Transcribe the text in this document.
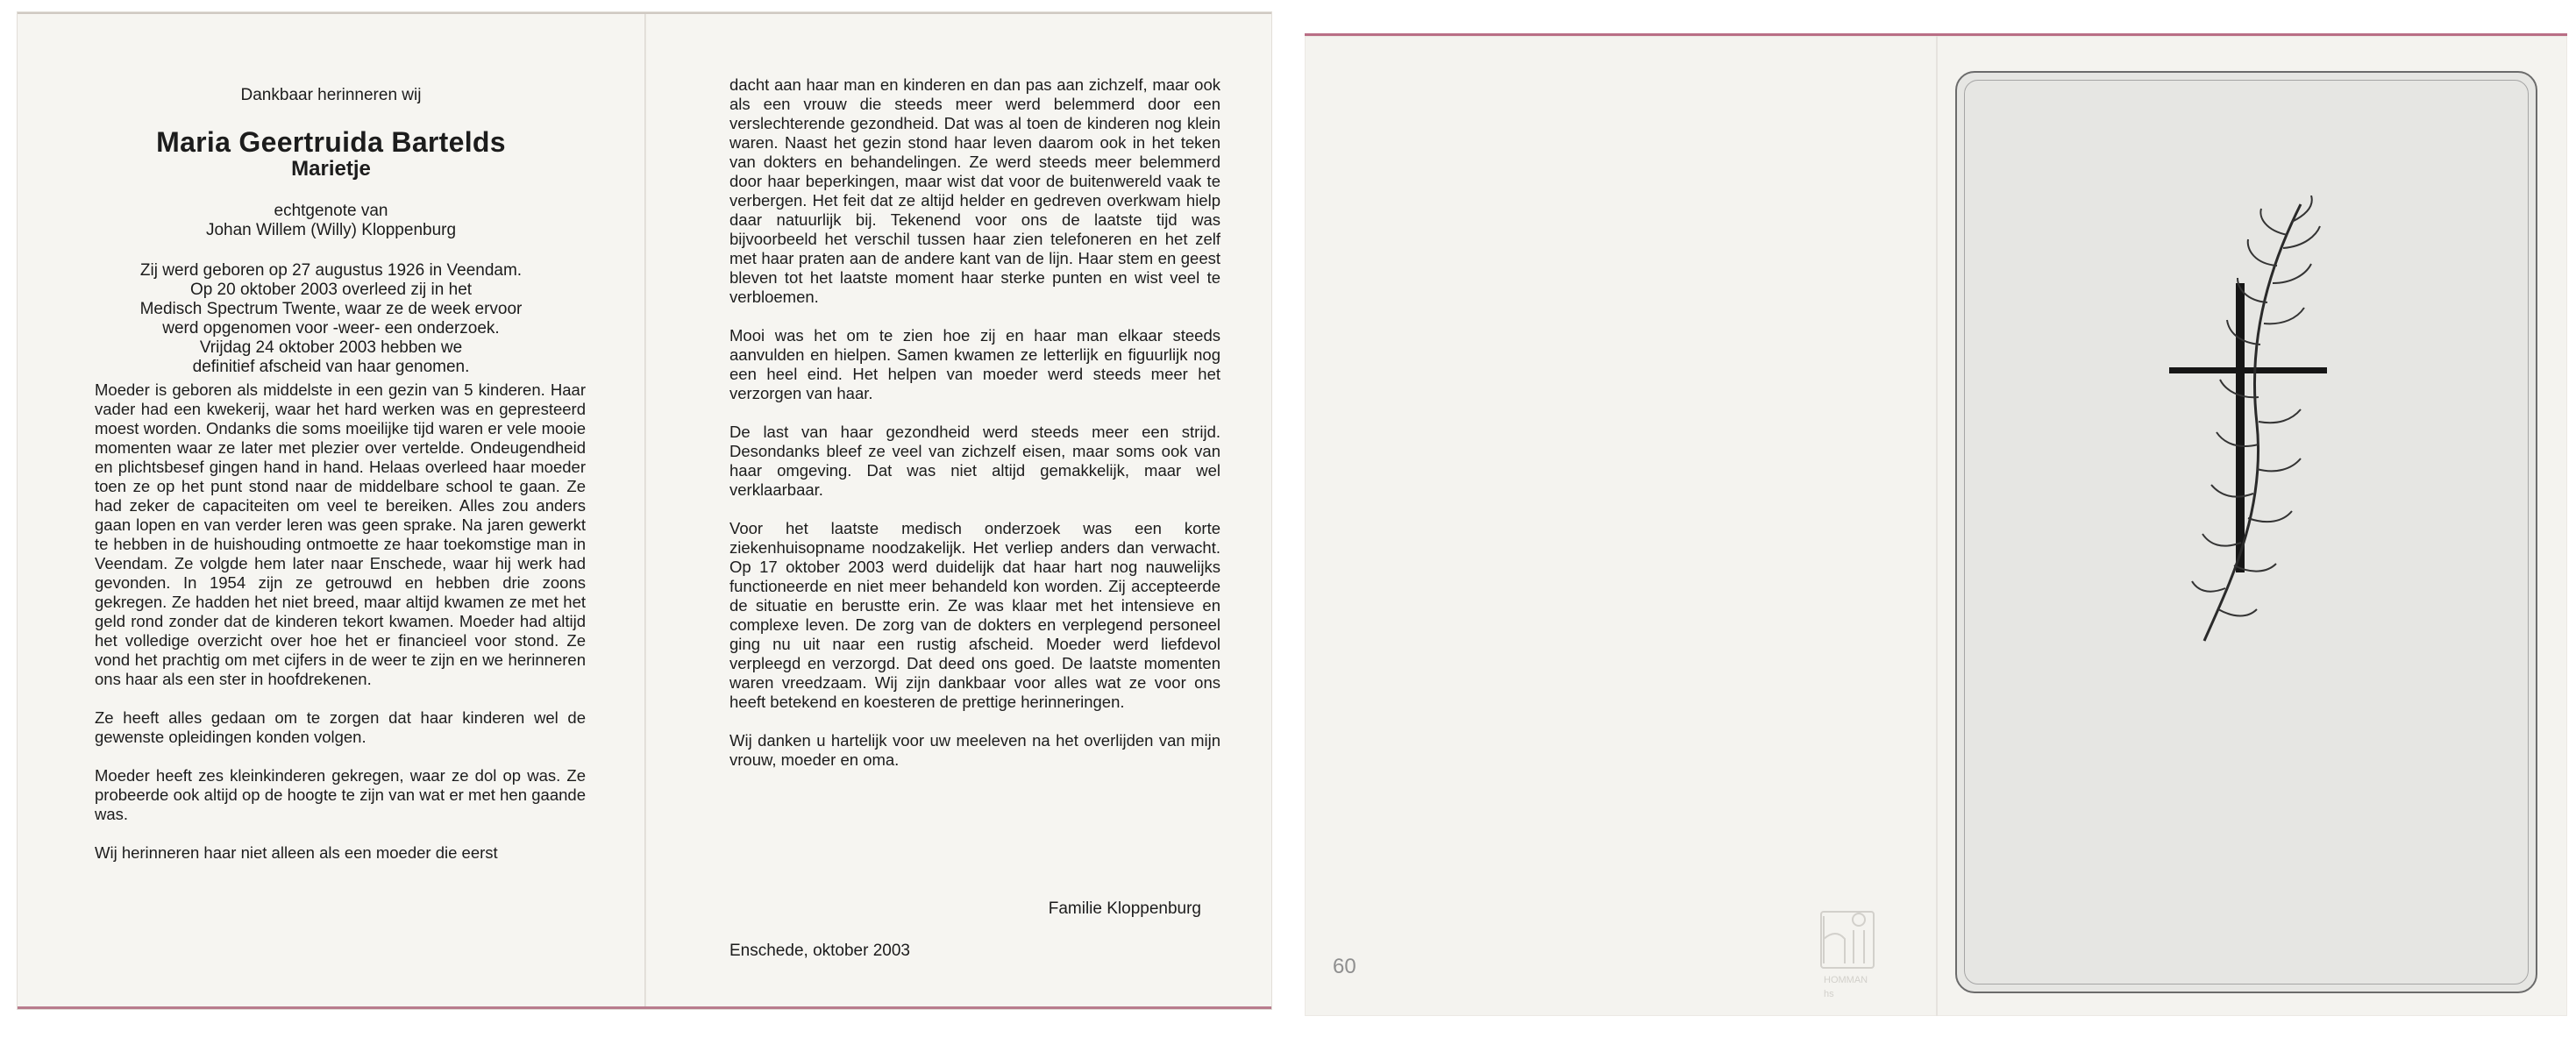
Dankbaar herinneren wij
Maria Geertruida Bartelds
Marietje
echtgenote van
Johan Willem (Willy) Kloppenburg
Zij werd geboren op 27 augustus 1926 in Veendam.
Op 20 oktober 2003 overleed zij in het
Medisch Spectrum Twente, waar ze de week ervoor
werd opgenomen voor -weer- een onderzoek.
Vrijdag 24 oktober 2003 hebben we
definitief afscheid van haar genomen.

Moeder is geboren als middelste in een gezin van 5 kinderen. Haar vader had een kwekerij, waar het hard werken was en gepresteerd moest worden. Ondanks die soms moeilijke tijd waren er vele mooie momenten waar ze later met plezier over vertelde. Ondeugendheid en plichtsbesef gingen hand in hand. Helaas overleed haar moeder toen ze op het punt stond naar de middelbare school te gaan. Ze had zeker de capaciteiten om veel te bereiken. Alles zou anders gaan lopen en van verder leren was geen sprake. Na jaren gewerkt te hebben in de huishouding ontmoette ze haar toekomstige man in Veendam. Ze volgde hem later naar Enschede, waar hij werk had gevonden. In 1954 zijn ze getrouwd en hebben drie zoons gekregen. Ze hadden het niet breed, maar altijd kwamen ze met het geld rond zonder dat de kinderen tekort kwamen. Moeder had altijd het volledige overzicht over hoe het er financieel voor stond. Ze vond het prachtig om met cijfers in de weer te zijn en we herinneren ons haar als een ster in hoofdrekenen.

Ze heeft alles gedaan om te zorgen dat haar kinderen wel de gewenste opleidingen konden volgen.

Moeder heeft zes kleinkinderen gekregen, waar ze dol op was. Ze probeerde ook altijd op de hoogte te zijn van wat er met hen gaande was.

Wij herinneren haar niet alleen als een moeder die eerst

dacht aan haar man en kinderen en dan pas aan zichzelf, maar ook als een vrouw die steeds meer werd belemmerd door een verslechterende gezondheid. Dat was al toen de kinderen nog klein waren. Naast het gezin stond haar leven daarom ook in het teken van dokters en behandelingen. Ze werd steeds meer belemmerd door haar beperkingen, maar wist dat voor de buitenwereld vaak te verbergen. Het feit dat ze altijd helder en gedreven overkwam hielp daar natuurlijk bij. Tekenend voor ons de laatste tijd was bijvoorbeeld het verschil tussen haar zien telefoneren en het zelf met haar praten aan de andere kant van de lijn. Haar stem en geest bleven tot het laatste moment haar sterke punten en wist veel te verbloemen.

Mooi was het om te zien hoe zij en haar man elkaar steeds aanvulden en hielpen. Samen kwamen ze letterlijk en figuurlijk nog een heel eind. Het helpen van moeder werd steeds meer het verzorgen van haar.

De last van haar gezondheid werd steeds meer een strijd. Desondanks bleef ze veel van zichzelf eisen, maar soms ook van haar omgeving. Dat was niet altijd gemakkelijk, maar wel verklaarbaar.

Voor het laatste medisch onderzoek was een korte ziekenhuisopname noodzakelijk. Het verliep anders dan verwacht. Op 17 oktober 2003 werd duidelijk dat haar hart nog nauwelijks functioneerde en niet meer behandeld kon worden. Zij accepteerde de situatie en berustte erin. Ze was klaar met het intensieve en complexe leven. De zorg van de dokters en verplegend personeel ging nu uit naar een rustig afscheid. Moeder werd liefdevol verpleegd en verzorgd. Dat deed ons goed. De laatste momenten waren vreedzaam. Wij zijn dankbaar voor alles wat ze voor ons heeft betekend en koesteren de prettige herinneringen.

Wij danken u hartelijk voor uw meeleven na het overlijden van mijn vrouw, moeder en oma.

Familie Kloppenburg
Enschede, oktober 2003
60
HOMMAN
hs
